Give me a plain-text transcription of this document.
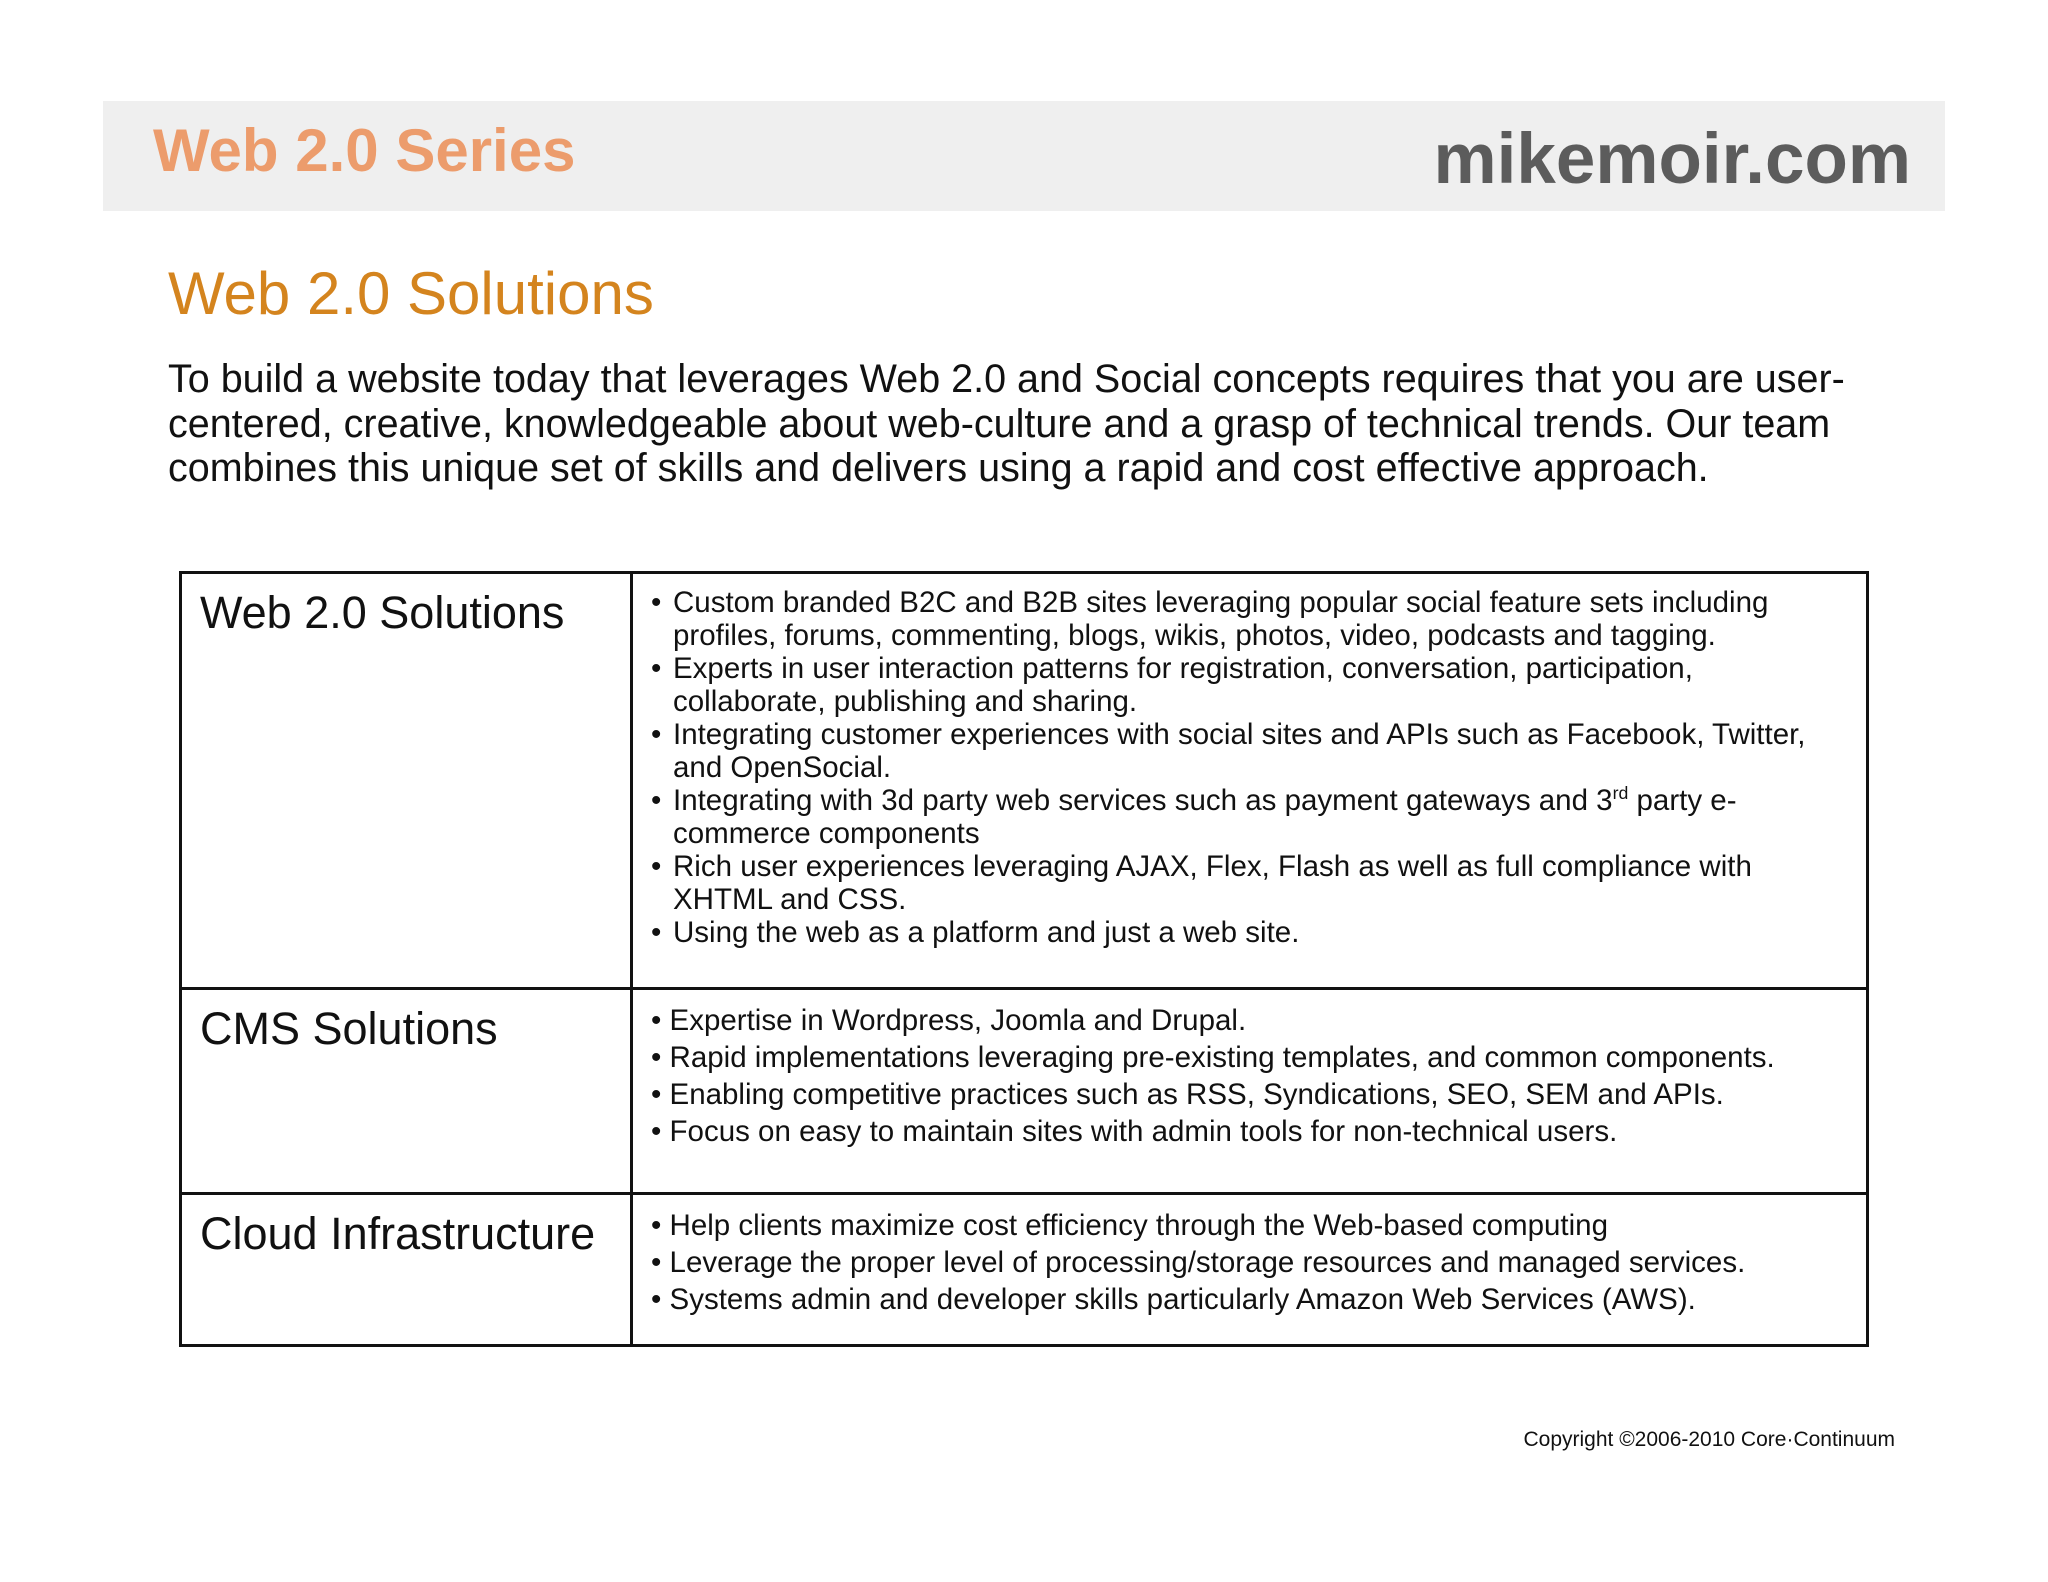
Web 2.0 Series	mikemoir.com
Web 2.0 Solutions

To build a website today that leverages Web 2.0 and Social concepts requires that you are user-centered, creative, knowledgeable about web-culture and a grasp of technical trends. Our team combines this unique set of skills and delivers using a rapid and cost effective approach.

Web 2.0 Solutions	• Custom branded B2C and B2B sites leveraging popular social feature sets including profiles, forums, commenting, blogs, wikis, photos, video, podcasts and tagging.
• Experts in user interaction patterns for registration, conversation, participation, collaborate, publishing and sharing.
• Integrating customer experiences with social sites and APIs such as Facebook, Twitter, and OpenSocial.
• Integrating with 3d party web services such as payment gateways and 3rd party e-commerce components
• Rich user experiences leveraging AJAX, Flex, Flash as well as full compliance with XHTML and CSS.
• Using the web as a platform and just a web site.
CMS Solutions	• Expertise in Wordpress, Joomla and Drupal.
• Rapid implementations leveraging pre-existing templates, and common components.
• Enabling competitive practices such as RSS, Syndications, SEO, SEM and APIs.
• Focus on easy to maintain sites with admin tools for non-technical users.
Cloud Infrastructure	• Help clients maximize cost efficiency through the Web-based computing
• Leverage the proper level of processing/storage resources and managed services.
• Systems admin and developer skills particularly Amazon Web Services (AWS).
Copyright ©2006-2010 Core·Continuum
